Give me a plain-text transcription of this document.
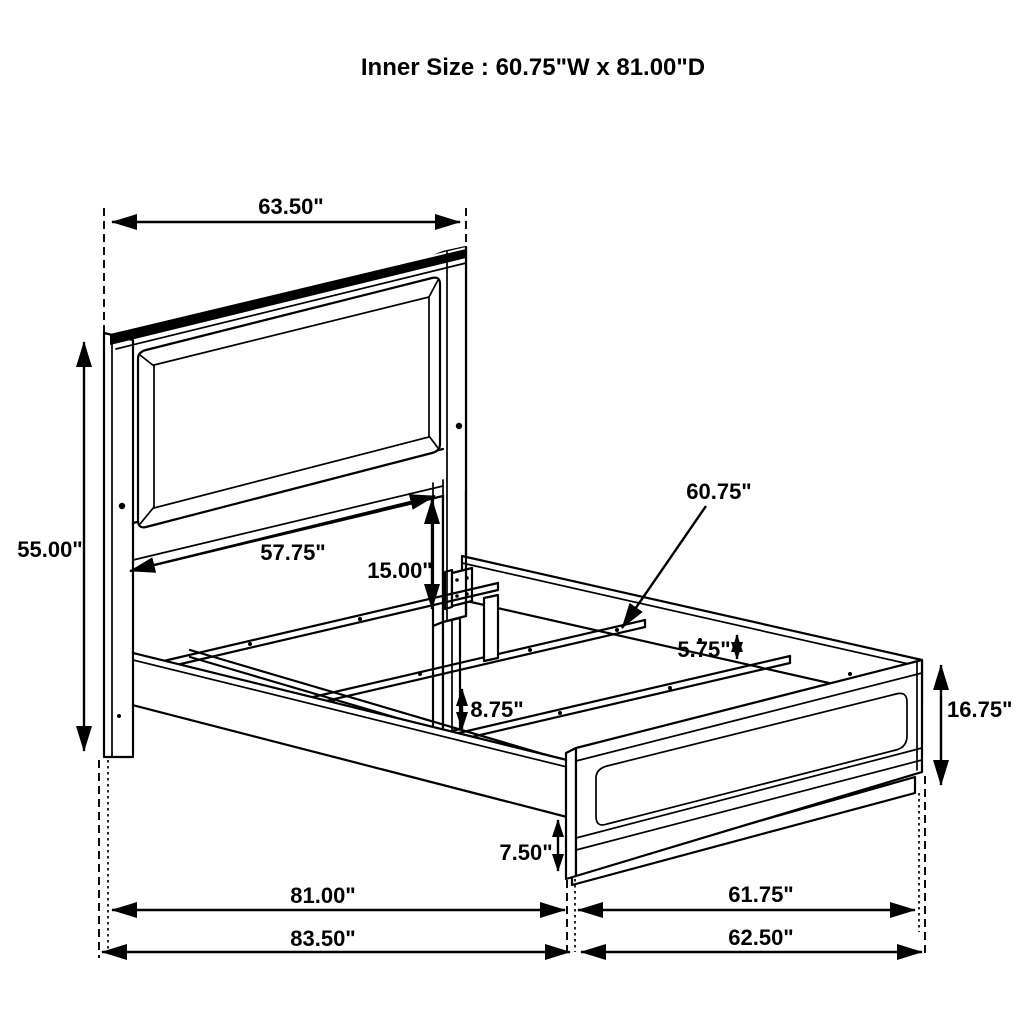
63.50"
55.00"	57.75"
15.00"
60.75"
5.75"
8.75"
7.50"
16.75"
81.00"	61.75"
83.50"	62.50"
Inner Size : 60.75"W x 81.00"D
